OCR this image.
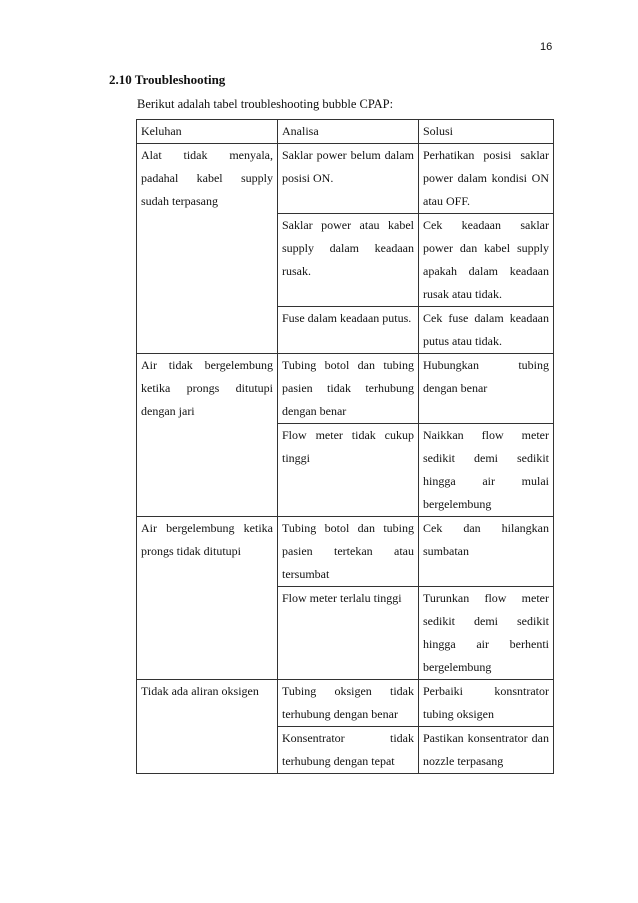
16
2.10 Troubleshooting
Berikut adalah tabel troubleshooting bubble CPAP:
Keluhan	Analisa	Solusi
Alat tidak menyala, padahal kabel supply sudah terpasang	Saklar power belum dalam posisi ON.	Perhatikan posisi saklar power dalam kondisi ON atau OFF.
	Saklar power atau kabel supply dalam keadaan rusak.	Cek keadaan saklar power dan kabel supply apakah dalam keadaan rusak atau tidak.
	Fuse dalam keadaan putus.	Cek fuse dalam keadaan putus atau tidak.
Air tidak bergelembung ketika prongs ditutupi dengan jari	Tubing botol dan tubing pasien tidak terhubung dengan benar	Hubungkan tubing dengan benar
	Flow meter tidak cukup tinggi	Naikkan flow meter sedikit demi sedikit hingga air mulai bergelembung
Air bergelembung ketika prongs tidak ditutupi	Tubing botol dan tubing pasien tertekan atau tersumbat	Cek dan hilangkan sumbatan
	Flow meter terlalu tinggi	Turunkan flow meter sedikit demi sedikit hingga air berhenti bergelembung
Tidak ada aliran oksigen	Tubing oksigen tidak terhubung dengan benar	Perbaiki konsntrator tubing oksigen
	Konsentrator tidak terhubung dengan tepat	Pastikan konsentrator dan nozzle terpasang
